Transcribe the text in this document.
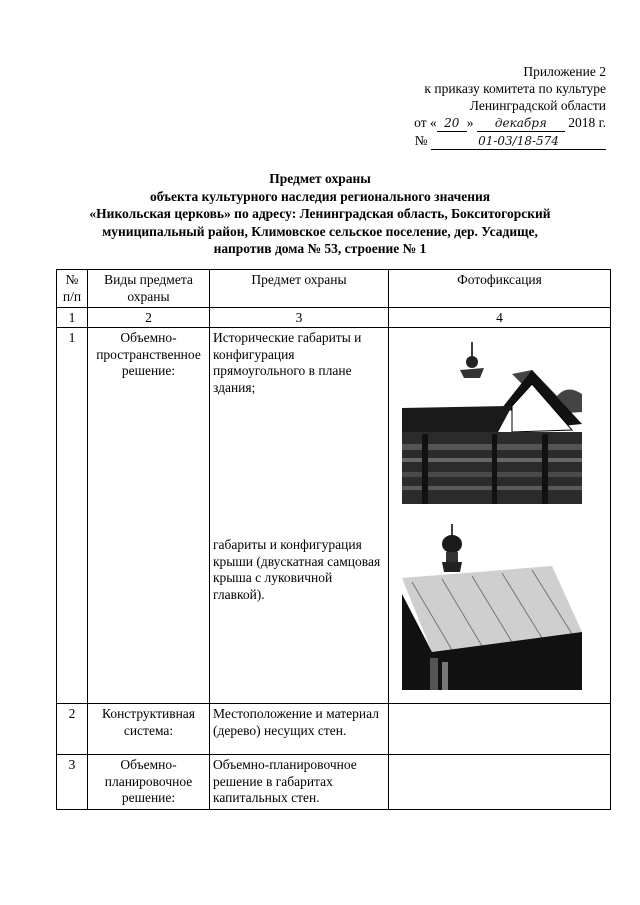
Приложение 2
к приказу комитета по культуре
Ленинградской области
от « 20 » декабря 2018 г.
№	01-03/18-574
Предмет охраны
объекта культурного наследия регионального значения
«Никольская церковь» по адресу: Ленинградская область, Бокситогорский
муниципальный район, Климовское сельское поселение, дер. Усадище,
напротив дома № 53, строение № 1
№ п/п	Виды предмета охраны	Предмет охраны	Фотофиксация
1	2	3	4
1	Объемно-пространственное решение:	Исторические габариты и конфигурация прямоугольного в плане здания;
габариты и конфигурация крыши (двускатная самцовая крыша с луковичной главкой).

2	Конструктивная система:	Местоположение и материал (дерево) несущих стен.	
3	Объемно-планировочное решение:	Объемно-планировочное решение в габаритах капитальных стен.	
